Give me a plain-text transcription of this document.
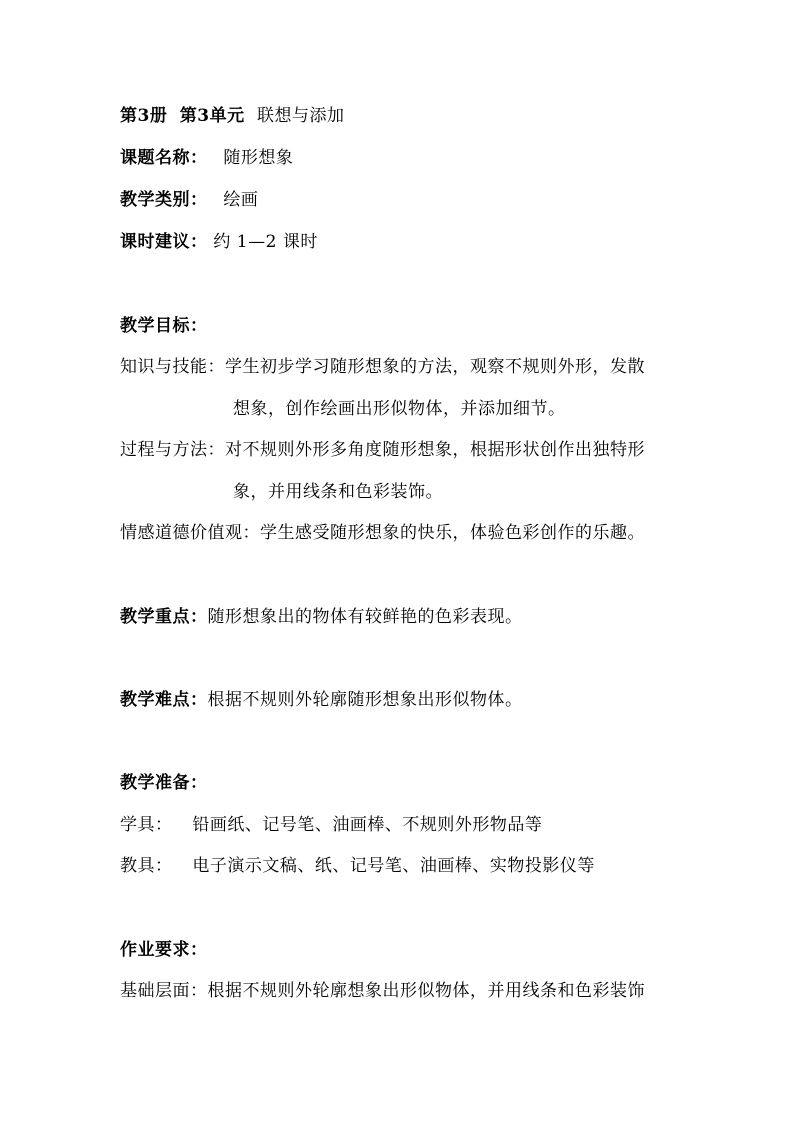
第3册 第3单元 联想与添加
课题名称： 随形想象
教学类别： 绘画
课时建议： 约 1—2 课时
教学目标：
知识与技能：学生初步学习随形想象的方法，观察不规则外形，发散
想象，创作绘画出形似物体，并添加细节。
过程与方法：对不规则外形多角度随形想象，根据形状创作出独特形
象，并用线条和色彩装饰。
情感道德价值观：学生感受随形想象的快乐，体验色彩创作的乐趣。
教学重点：随形想象出的物体有较鲜艳的色彩表现。
教学难点：根据不规则外轮廓随形想象出形似物体。
教学准备：
学具： 铅画纸、记号笔、油画棒、不规则外形物品等
教具： 电子演示文稿、纸、记号笔、油画棒、实物投影仪等
作业要求：
基础层面：根据不规则外轮廓想象出形似物体，并用线条和色彩装饰
